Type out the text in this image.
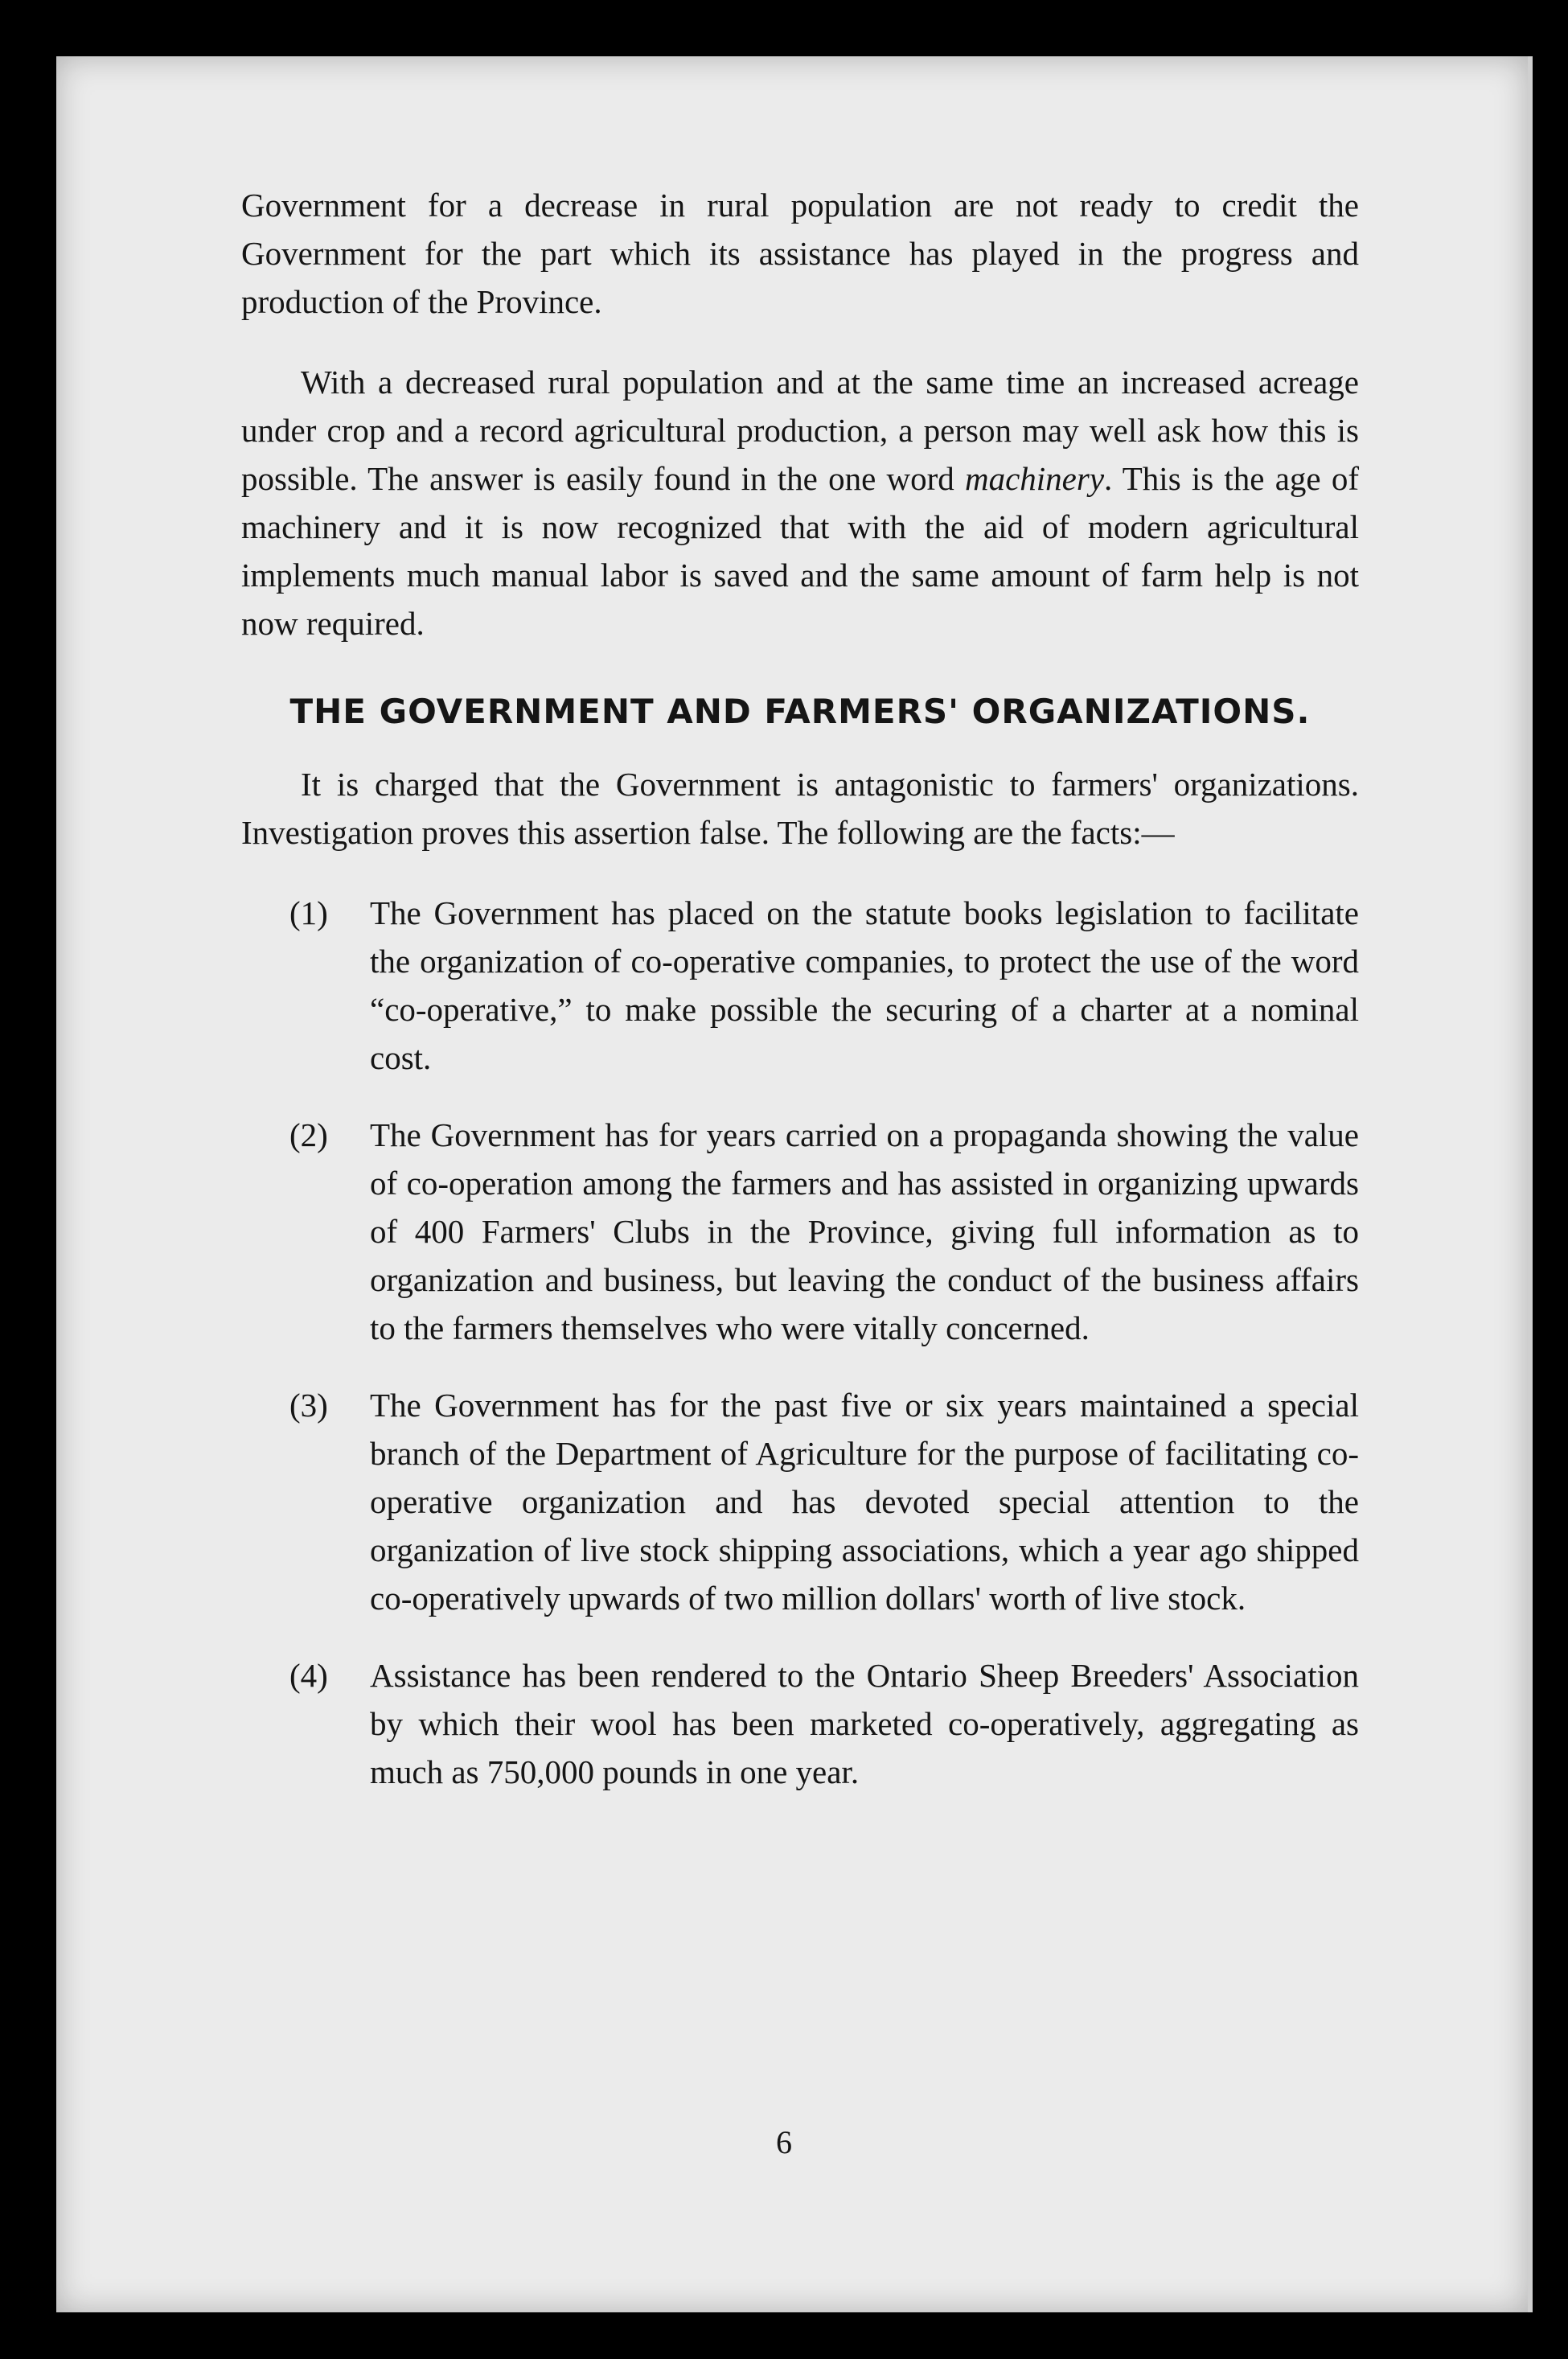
Government for a decrease in rural population are not ready to credit the Government for the part which its assistance has played in the progress and production of the Province.

With a decreased rural population and at the same time an increased acreage under crop and a record agricultural production, a person may well ask how this is possible. The answer is easily found in the one word machinery. This is the age of machinery and it is now recognized that with the aid of modern agricultural implements much manual labor is saved and the same amount of farm help is not now required.

THE GOVERNMENT AND FARMERS' ORGANIZATIONS.

It is charged that the Government is antagonistic to farmers' organizations. Investigation proves this assertion false. The following are the facts:—

(1)	The Government has placed on the statute books legislation to facilitate the organization of co-operative companies, to protect the use of the word “co-operative,” to make possible the securing of a charter at a nominal cost.
(2)	The Government has for years carried on a propaganda showing the value of co-operation among the farmers and has assisted in organizing upwards of 400 Farmers' Clubs in the Province, giving full information as to organization and business, but leaving the conduct of the business affairs to the farmers themselves who were vitally concerned.
(3)	The Government has for the past five or six years maintained a special branch of the Department of Agriculture for the purpose of facilitating co-operative organization and has devoted special attention to the organization of live stock shipping associations, which a year ago shipped co-operatively upwards of two million dollars' worth of live stock.
(4)	Assistance has been rendered to the Ontario Sheep Breeders' Association by which their wool has been marketed co-operatively, aggregating as much as 750,000 pounds in one year.
6
